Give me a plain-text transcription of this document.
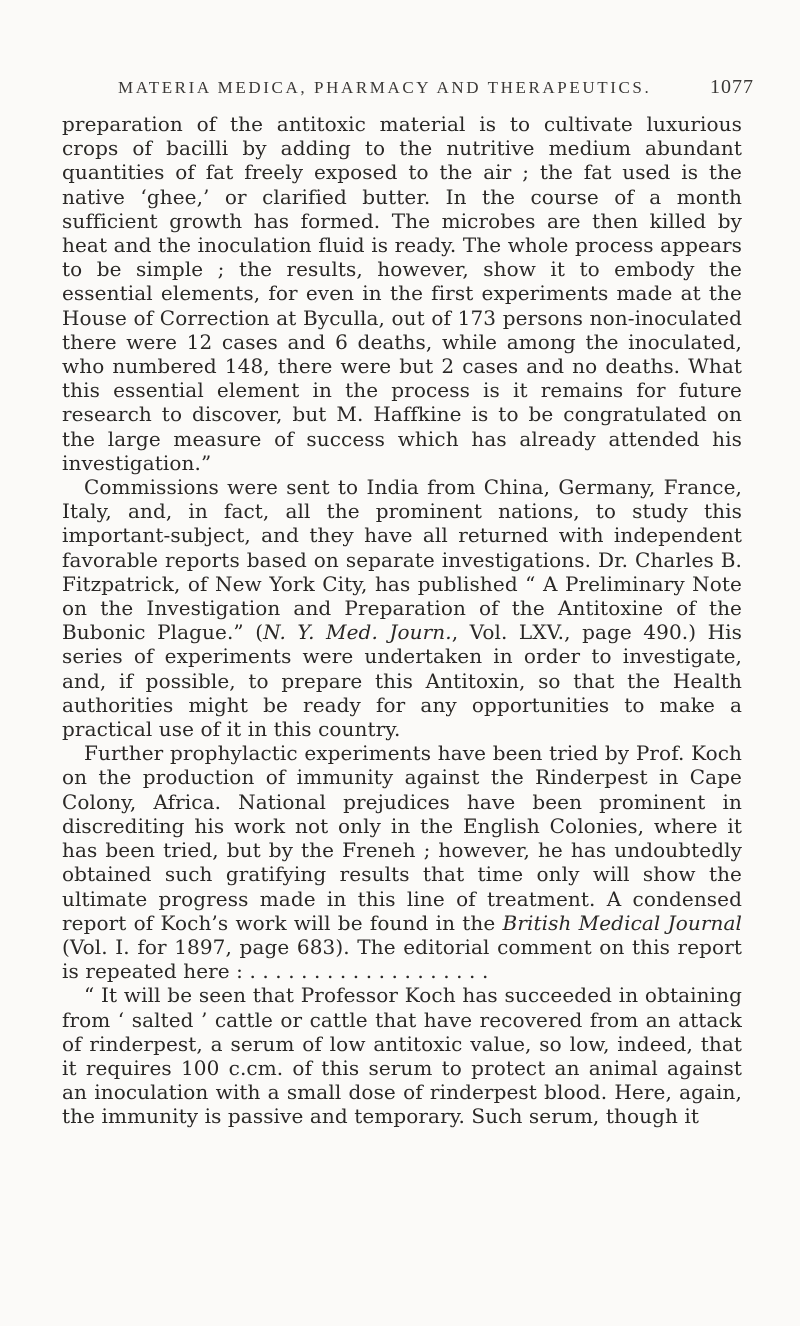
MATERIA MEDICA, PHARMACY AND THERAPEUTICS.	1077

preparation of the antitoxic material is to cultivate luxurious crops of bacilli by adding to the nutritive medium abundant quantities of fat freely exposed to the air ; the fat used is the native ‘ghee,’ or clarified butter. In the course of a month sufficient growth has formed. The microbes are then killed by heat and the inoculation fluid is ready. The whole process appears to be simple ; the results, however, show it to embody the essential elements, for even in the first experiments made at the House of Correction at Byculla, out of 173 persons non-inoculated there were 12 cases and 6 deaths, while among the inoculated, who numbered 148, there were but 2 cases and no deaths. What this essential element in the process is it remains for future research to discover, but M. Haffkine is to be congratulated on the large measure of success which has already attended his investigation.”

Commissions were sent to India from China, Germany, France, Italy, and, in fact, all the prominent nations, to study this important-subject, and they have all returned with independent favorable reports based on separate investigations. Dr. Charles B. Fitzpatrick, of New York City, has published “ A Preliminary Note on the Investigation and Preparation of the Antitoxine of the Bubonic Plague.” (N. Y. Med. Journ., Vol. LXV., page 490.) His series of experiments were undertaken in order to investigate, and, if possible, to prepare this Antitoxin, so that the Health authorities might be ready for any opportunities to make a practical use of it in this country.

Further prophylactic experiments have been tried by Prof. Koch on the production of immunity against the Rinderpest in Cape Colony, Africa. National prejudices have been prominent in discrediting his work not only in the English Colonies, where it has been tried, but by the Freneh ; however, he has undoubtedly obtained such gratifying results that time only will show the ultimate progress made in this line of treatment. A condensed report of Koch’s work will be found in the British Medical Journal (Vol. I. for 1897, page 683). The editorial comment on this report is repeated here : . . . . . . . . . . . . . . . . . . .

“ It will be seen that Professor Koch has succeeded in obtaining from ‘ salted ’ cattle or cattle that have recovered from an attack of rinderpest, a serum of low antitoxic value, so low, indeed, that it requires 100 c.cm. of this serum to protect an animal against an inoculation with a small dose of rinderpest blood. Here, again, the immunity is passive and temporary. Such serum, though it
